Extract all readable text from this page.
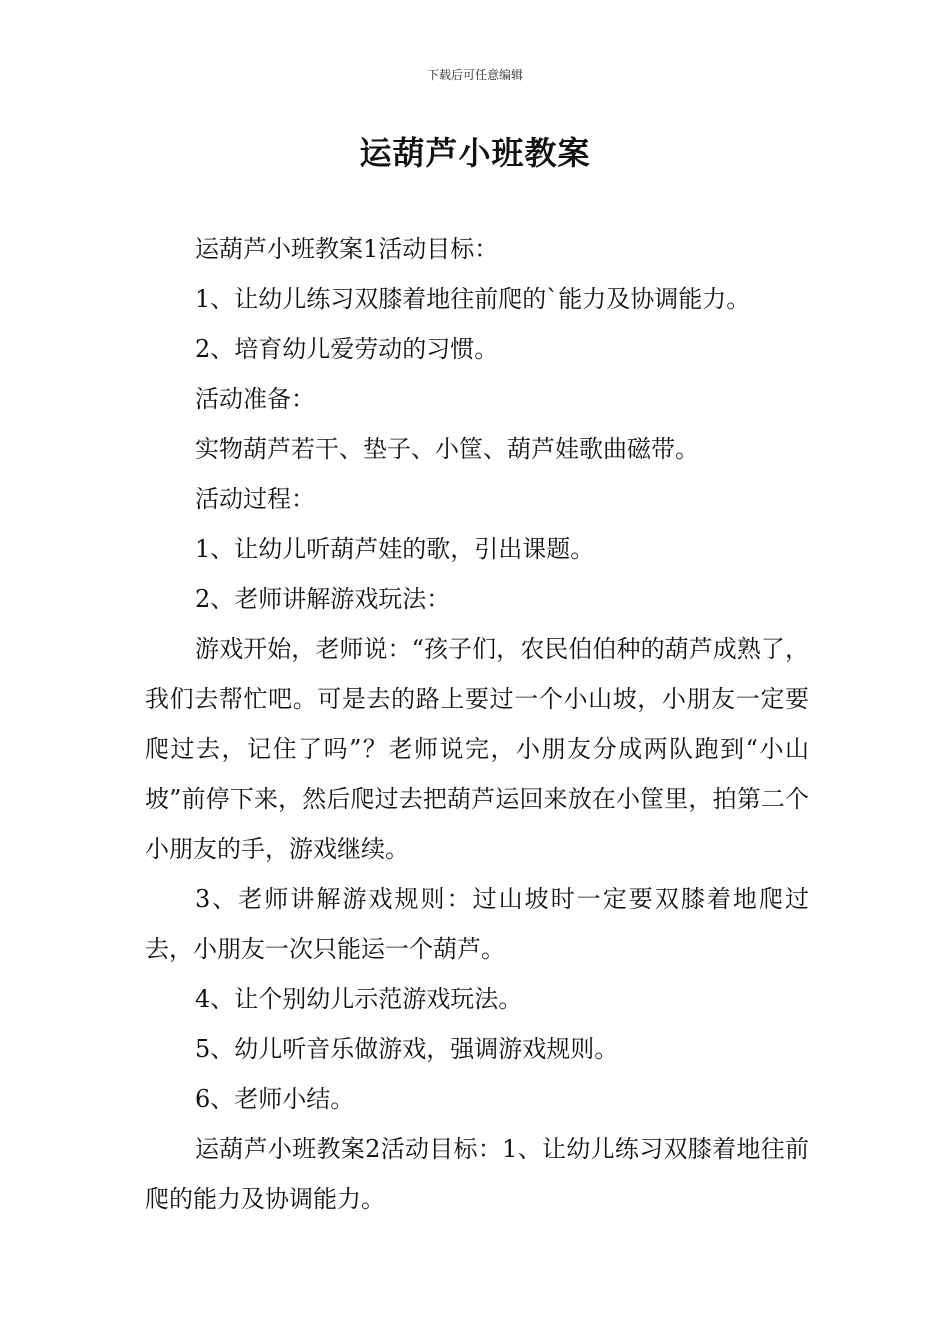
下载后可任意编辑
运葫芦小班教案

运葫芦小班教案1活动目标：

1、让幼儿练习双膝着地往前爬的`能力及协调能力。

2、培育幼儿爱劳动的习惯。

活动准备：

实物葫芦若干、垫子、小筐、葫芦娃歌曲磁带。

活动过程：

1、让幼儿听葫芦娃的歌，引出课题。

2、老师讲解游戏玩法：

游戏开始，老师说：“孩子们，农民伯伯种的葫芦成熟了，我们去帮忙吧。可是去的路上要过一个小山坡，小朋友一定要爬过去，记住了吗”？老师说完，小朋友分成两队跑到“小山坡”前停下来，然后爬过去把葫芦运回来放在小筐里，拍第二个小朋友的手，游戏继续。

3、老师讲解游戏规则：过山坡时一定要双膝着地爬过去，小朋友一次只能运一个葫芦。

4、让个别幼儿示范游戏玩法。

5、幼儿听音乐做游戏，强调游戏规则。

6、老师小结。

运葫芦小班教案2活动目标：1、让幼儿练习双膝着地往前爬的能力及协调能力。
